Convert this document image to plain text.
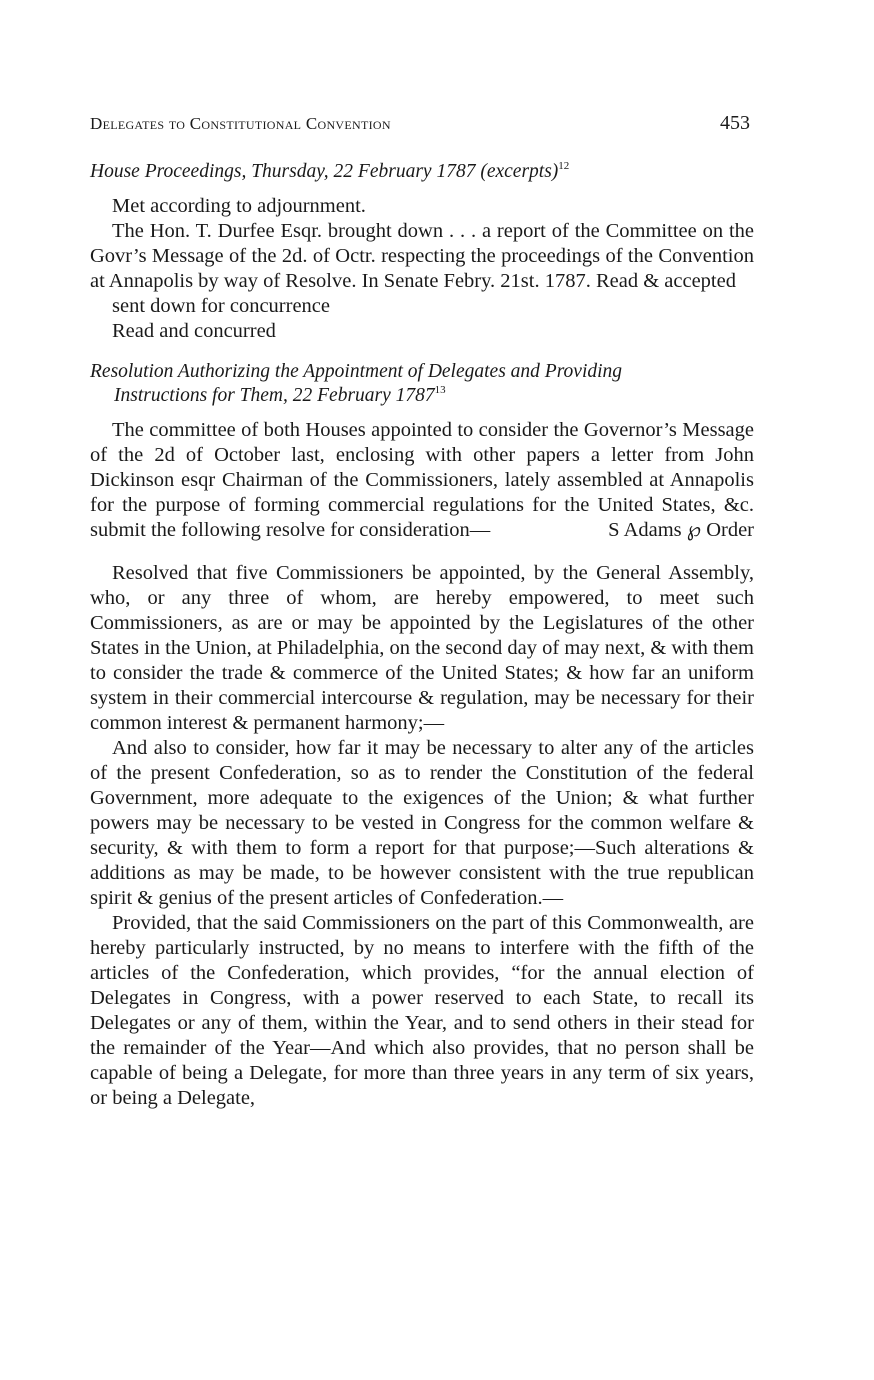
Delegates to Constitutional Convention	453
House Proceedings, Thursday, 22 February 1787 (excerpts)$^{12}$

Met according to adjournment.

The Hon. T. Durfee Esqr. brought down . . . a report of the Committee on the Govr’s Message of the 2d. of Octr. respecting the proceedings of the Convention at Annapolis by way of Resolve. In Senate Febry. 21st. 1787. Read & accepted

sent down for concurrence

Read and concurred

Resolution Authorizing the Appointment of Delegates and Providing
Instructions for Them, 22 February 1787$^{13}$

The committee of both Houses appointed to consider the Governor’s Message of the 2d of October last, enclosing with other papers a letter from John Dickinson esqr Chairman of the Commissioners, lately assembled at Annapolis for the purpose of forming commercial regulations for the United States, &c. submit the following resolve for consideration—	S Adams ℘ Order

Resolved that five Commissioners be appointed, by the General Assembly, who, or any three of whom, are hereby empowered, to meet such Commissioners, as are or may be appointed by the Legislatures of the other States in the Union, at Philadelphia, on the second day of may next, & with them to consider the trade & commerce of the United States; & how far an uniform system in their commercial intercourse & regulation, may be necessary for their common interest & permanent harmony;—

And also to consider, how far it may be necessary to alter any of the articles of the present Confederation, so as to render the Constitution of the federal Government, more adequate to the exigences of the Union; & what further powers may be necessary to be vested in Congress for the common welfare & security, & with them to form a report for that purpose;—Such alterations & additions as may be made, to be however consistent with the true republican spirit & genius of the present articles of Confederation.—

Provided, that the said Commissioners on the part of this Commonwealth, are hereby particularly instructed, by no means to interfere with the fifth of the articles of the Confederation, which provides, “for the annual election of Delegates in Congress, with a power reserved to each State, to recall its Delegates or any of them, within the Year, and to send others in their stead for the remainder of the Year—And which also provides, that no person shall be capable of being a Delegate, for more than three years in any term of six years, or being a Delegate,
